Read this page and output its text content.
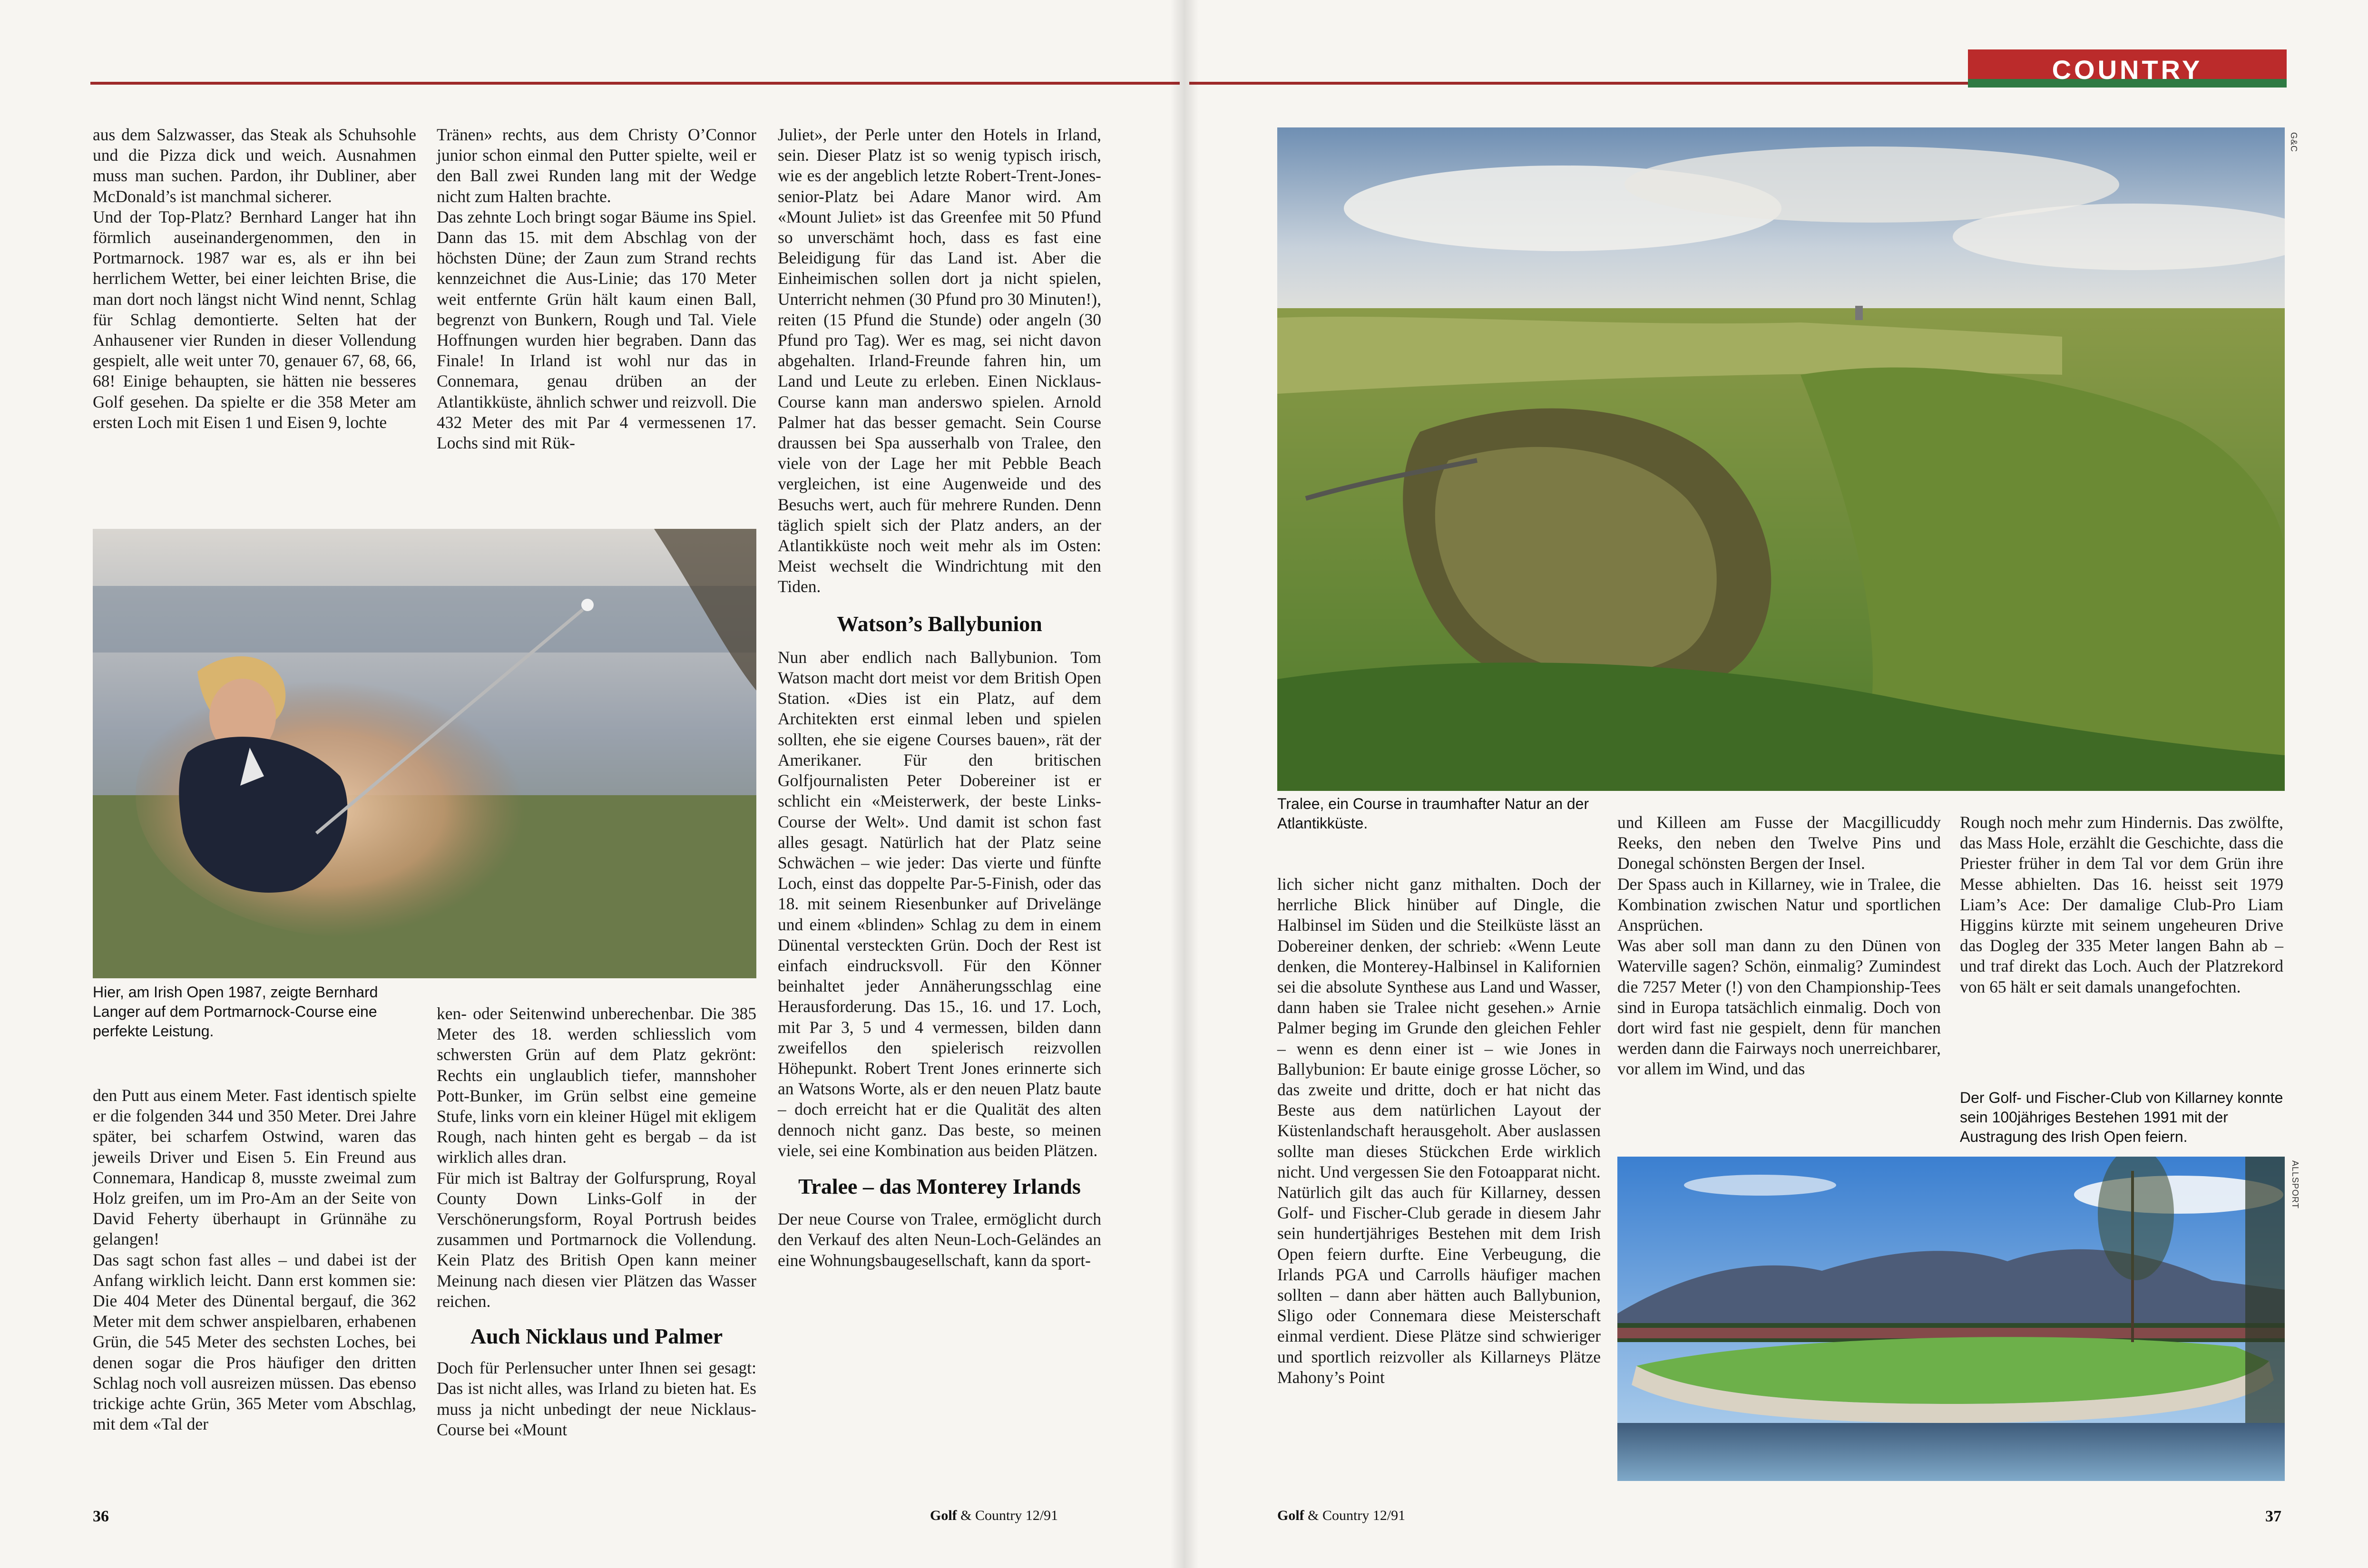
aus dem Salzwasser, das Steak als Schuhsohle und die Pizza dick und weich. Ausnahmen muss man suchen. Pardon, ihr Dubliner, aber McDonald’s ist manchmal sicherer.
Und der Top-Platz? Bernhard Langer hat ihn förmlich auseinandergenommen, den in Portmarnock. 1987 war es, als er ihn bei herrlichem Wetter, bei einer leichten Brise, die man dort noch längst nicht Wind nennt, Schlag für Schlag demontierte. Selten hat der Anhausener vier Runden in dieser Vollendung gespielt, alle weit unter 70, genauer 67, 68, 66, 68! Einige behaupten, sie hätten nie besseres Golf gesehen. Da spielte er die 358 Meter am ersten Loch mit Eisen 1 und Eisen 9, lochte

Tränen» rechts, aus dem Christy O’Connor junior schon einmal den Putter spielte, weil er den Ball zwei Runden lang mit der Wedge nicht zum Halten brachte.
Das zehnte Loch bringt sogar Bäume ins Spiel. Dann das 15. mit dem Abschlag von der höchsten Düne; der Zaun zum Strand rechts kennzeichnet die Aus-Linie; das 170 Meter weit entfernte Grün hält kaum einen Ball, begrenzt von Bunkern, Rough und Tal. Viele Hoffnungen wurden hier begraben. Dann das Finale! In Irland ist wohl nur das in Connemara, genau drüben an der Atlantikküste, ähnlich schwer und reizvoll. Die 432 Meter des mit Par 4 vermessenen 17. Lochs sind mit Rük-

Juliet», der Perle unter den Hotels in Irland, sein. Dieser Platz ist so wenig typisch irisch, wie es der angeblich letzte Robert-Trent-Jones-senior-Platz bei Adare Manor wird. Am «Mount Juliet» ist das Greenfee mit 50 Pfund so unverschämt hoch, dass es fast eine Beleidigung für das Land ist. Aber die Einheimischen sollen dort ja nicht spielen, Unterricht nehmen (30 Pfund pro 30 Minuten!), reiten (15 Pfund die Stunde) oder angeln (30 Pfund pro Tag). Wer es mag, sei nicht davon abgehalten. Irland-Freunde fahren hin, um Land und Leute zu erleben. Einen Nicklaus-Course kann man anderswo spielen. Arnold Palmer hat das besser gemacht. Sein Course draussen bei Spa ausserhalb von Tralee, den viele von der Lage her mit Pebble Beach vergleichen, ist eine Augenweide und des Besuchs wert, auch für mehrere Runden. Denn täglich spielt sich der Platz anders, an der Atlantikküste noch weit mehr als im Osten: Meist wechselt die Windrichtung mit den Tiden.

Watson’s Ballybunion

Nun aber endlich nach Ballybunion. Tom Watson macht dort meist vor dem British Open Station. «Dies ist ein Platz, auf dem Architekten erst einmal leben und spielen sollten, ehe sie eigene Courses bauen», rät der Amerikaner. Für den britischen Golfjournalisten Peter Dobereiner ist er schlicht ein «Meisterwerk, der beste Links-Course der Welt». Und damit ist schon fast alles gesagt. Natürlich hat der Platz seine Schwächen – wie jeder: Das vierte und fünfte Loch, einst das doppelte Par-5-Finish, oder das 18. mit seinem Riesenbunker auf Drivelänge und einem «blinden» Schlag zu dem in einem Dünental versteckten Grün. Doch der Rest ist einfach eindrucksvoll. Für den Könner beinhaltet jeder Annäherungsschlag eine Herausforderung. Das 15., 16. und 17. Loch, mit Par 3, 5 und 4 vermessen, bilden dann zweifellos den spielerisch reizvollen Höhepunkt. Robert Trent Jones erinnerte sich an Watsons Worte, als er den neuen Platz baute – doch erreicht hat er die Qualität des alten dennoch nicht ganz. Das beste, so meinen viele, sei eine Kombination aus beiden Plätzen.

Tralee – das Monterey Irlands

Der neue Course von Tralee, ermöglicht durch den Verkauf des alten Neun-Loch-Geländes an eine Wohnungsbaugesellschaft, kann da sport-

Hier, am Irish Open 1987, zeigte Bernhard Langer auf dem Portmarnock-Course eine perfekte Leistung.

den Putt aus einem Meter. Fast identisch spielte er die folgenden 344 und 350 Meter. Drei Jahre später, bei scharfem Ostwind, waren das jeweils Driver und Eisen 5. Ein Freund aus Connemara, Handicap 8, musste zweimal zum Holz greifen, um im Pro-Am an der Seite von David Feherty überhaupt in Grünnähe zu gelangen!
Das sagt schon fast alles – und dabei ist der Anfang wirklich leicht. Dann erst kommen sie: Die 404 Meter des Dünental bergauf, die 362 Meter mit dem schwer anspielbaren, erhabenen Grün, die 545 Meter des sechsten Loches, bei denen sogar die Pros häufiger den dritten Schlag noch voll ausreizen müssen. Das ebenso trickige achte Grün, 365 Meter vom Abschlag, mit dem «Tal der

ken- oder Seitenwind unberechenbar. Die 385 Meter des 18. werden schliesslich vom schwersten Grün auf dem Platz gekrönt: Rechts ein unglaublich tiefer, mannshoher Pott-Bunker, im Grün selbst eine gemeine Stufe, links vorn ein kleiner Hügel mit ekligem Rough, nach hinten geht es bergab – da ist wirklich alles dran.
Für mich ist Baltray der Golfursprung, Royal County Down Links-Golf in der Verschönerungsform, Royal Portrush beides zusammen und Portmarnock die Vollendung. Kein Platz des British Open kann meiner Meinung nach diesen vier Plätzen das Wasser reichen.

Auch Nicklaus und Palmer

Doch für Perlensucher unter Ihnen sei gesagt: Das ist nicht alles, was Irland zu bieten hat. Es muss ja nicht unbedingt der neue Nicklaus-Course bei «Mount

36	Golf & Country 12/91
G&C
Tralee, ein Course in traumhafter Natur an der Atlantikküste.

lich sicher nicht ganz mithalten. Doch der herrliche Blick hinüber auf Dingle, die Halbinsel im Süden und die Steilküste lässt an Dobereiner denken, der schrieb: «Wenn Leute denken, die Monterey-Halbinsel in Kalifornien sei die absolute Synthese aus Land und Wasser, dann haben sie Tralee nicht gesehen.» Arnie Palmer beging im Grunde den gleichen Fehler – wenn es denn einer ist – wie Jones in Ballybunion: Er baute einige grosse Löcher, so das zweite und dritte, doch er hat nicht das Beste aus dem natürlichen Layout der Küstenlandschaft herausgeholt. Aber auslassen sollte man dieses Stückchen Erde wirklich nicht. Und vergessen Sie den Fotoapparat nicht.
Natürlich gilt das auch für Killarney, dessen Golf- und Fischer-Club gerade in diesem Jahr sein hundertjähriges Bestehen mit dem Irish Open feiern durfte. Eine Verbeugung, die Irlands PGA und Carrolls häufiger machen sollten – dann aber hätten auch Ballybunion, Sligo oder Connemara diese Meisterschaft einmal verdient. Diese Plätze sind schwieriger und sportlich reizvoller als Killarneys Plätze Mahony’s Point

und Killeen am Fusse der Macgillicuddy Reeks, den neben den Twelve Pins und Donegal schönsten Bergen der Insel.
Der Spass auch in Killarney, wie in Tralee, die Kombination zwischen Natur und sportlichen Ansprüchen.
Was aber soll man dann zu den Dünen von Waterville sagen? Schön, einmalig? Zumindest die 7257 Meter (!) von den Championship-Tees sind in Europa tatsächlich einmalig. Doch von dort wird fast nie gespielt, denn für manchen werden dann die Fairways noch unerreichbarer, vor allem im Wind, und das

Rough noch mehr zum Hindernis. Das zwölfte, das Mass Hole, erzählt die Geschichte, dass die Priester früher in dem Tal vor dem Grün ihre Messe abhielten. Das 16. heisst seit 1979 Liam’s Ace: Der damalige Club-Pro Liam Higgins kürzte mit seinem ungeheuren Drive das Dogleg der 335 Meter langen Bahn ab – und traf direkt das Loch. Auch der Platzrekord von 65 hält er seit damals unangefochten.

Der Golf- und Fischer-Club von Killarney konnte sein 100jähriges Bestehen 1991 mit der Austragung des Irish Open feiern.
ALLSPORT
Golf & Country 12/91	37
COUNTRY
